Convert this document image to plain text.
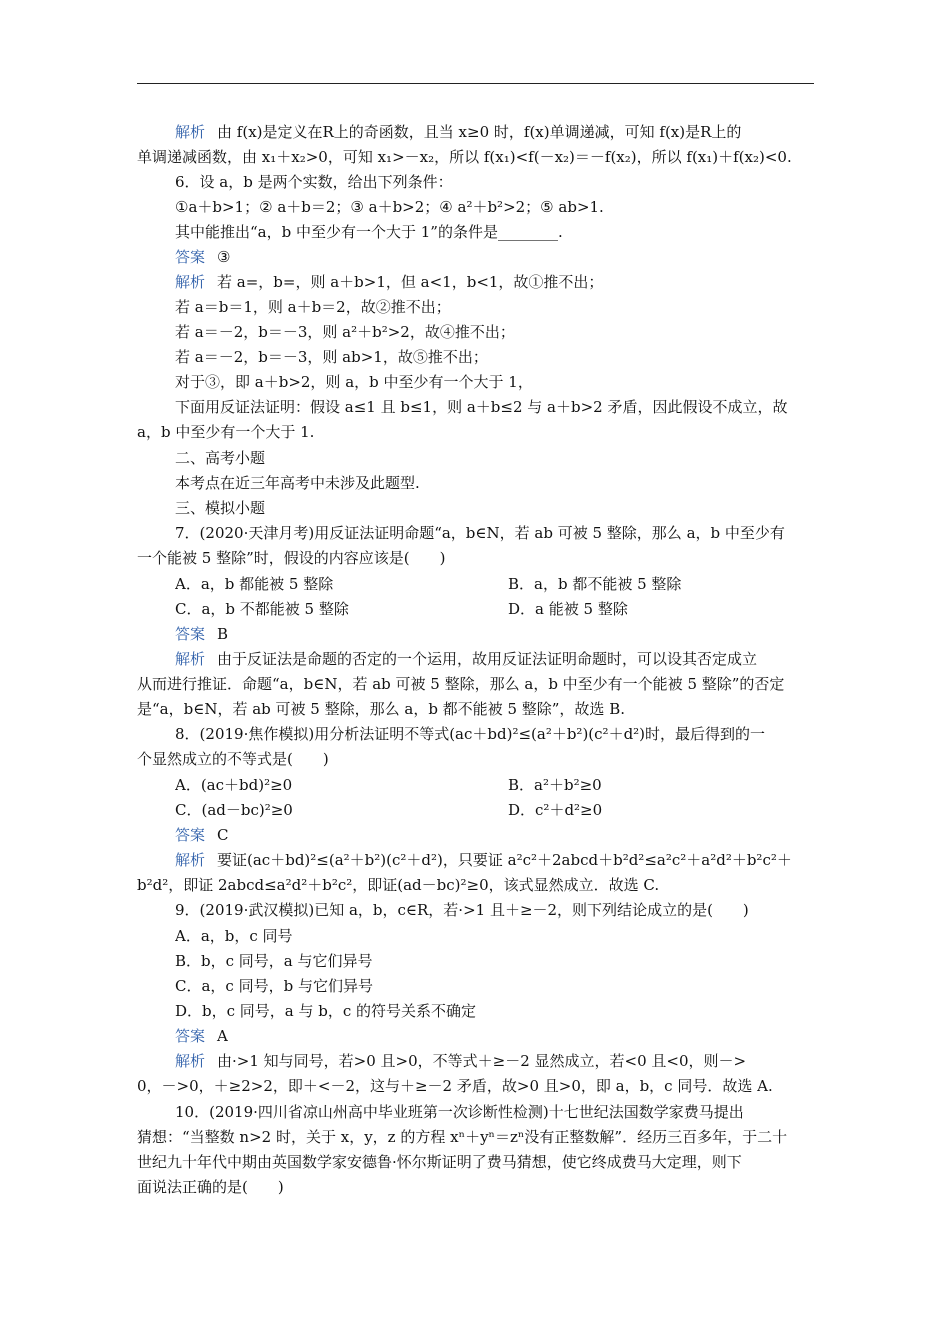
解析 由 f(x)是定义在R上的奇函数，且当 x≥0 时，f(x)单调递减，可知 f(x)是R上的
单调递减函数，由 x₁＋x₂>0，可知 x₁>－x₂，所以 f(x₁)<f(－x₂)＝－f(x₂)，所以 f(x₁)＋f(x₂)<0.
6．设 a，b 是两个实数，给出下列条件：
①a＋b>1；② a＋b＝2；③ a＋b>2；④ a²＋b²>2；⑤ ab>1.
其中能推出“a，b 中至少有一个大于 1”的条件是________.
答案 ③
解析 若 a=，b=，则 a＋b>1，但 a<1，b<1，故①推不出；
若 a＝b＝1，则 a＋b＝2，故②推不出；
若 a＝－2，b＝－3，则 a²＋b²>2，故④推不出；
若 a＝－2，b＝－3，则 ab>1，故⑤推不出；
对于③，即 a＋b>2，则 a，b 中至少有一个大于 1，
下面用反证法证明：假设 a≤1 且 b≤1，则 a＋b≤2 与 a＋b>2 矛盾，因此假设不成立，故
a，b 中至少有一个大于 1.
二、高考小题
本考点在近三年高考中未涉及此题型.
三、模拟小题
7．(2020·天津月考)用反证法证明命题“a，b∈N，若 ab 可被 5 整除，那么 a，b 中至少有
一个能被 5 整除”时，假设的内容应该是(　　)
A．a，b 都能被 5 整除	B．a，b 都不能被 5 整除
C．a，b 不都能被 5 整除	D．a 能被 5 整除
答案 B
解析 由于反证法是命题的否定的一个运用，故用反证法证明命题时，可以设其否定成立
从而进行推证．命题“a，b∈N，若 ab 可被 5 整除，那么 a，b 中至少有一个能被 5 整除”的否定
是“a，b∈N，若 ab 可被 5 整除，那么 a，b 都不能被 5 整除”，故选 B.
8．(2019·焦作模拟)用分析法证明不等式(ac＋bd)²≤(a²＋b²)(c²＋d²)时，最后得到的一
个显然成立的不等式是(　　)
A．(ac＋bd)²≥0	B．a²＋b²≥0
C．(ad－bc)²≥0	D．c²＋d²≥0
答案 C
解析 要证(ac＋bd)²≤(a²＋b²)(c²＋d²)，只要证 a²c²＋2abcd＋b²d²≤a²c²＋a²d²＋b²c²＋
b²d²，即证 2abcd≤a²d²＋b²c²，即证(ad－bc)²≥0，该式显然成立．故选 C.
9．(2019·武汉模拟)已知 a，b，c∈R，若·>1 且＋≥－2，则下列结论成立的是(　　)
A．a，b，c 同号
B．b，c 同号，a 与它们异号
C．a，c 同号，b 与它们异号
D．b，c 同号，a 与 b，c 的符号关系不确定
答案 A
解析 由·>1 知与同号，若>0 且>0，不等式＋≥－2 显然成立，若<0 且<0，则－>
0，－>0，＋≥2>2，即＋<－2，这与＋≥－2 矛盾，故>0 且>0，即 a，b，c 同号．故选 A.
10．(2019·四川省凉山州高中毕业班第一次诊断性检测)十七世纪法国数学家费马提出
猜想：“当整数 n>2 时，关于 x，y，z 的方程 xⁿ＋yⁿ＝zⁿ没有正整数解”．经历三百多年，于二十
世纪九十年代中期由英国数学家安德鲁·怀尔斯证明了费马猜想，使它终成费马大定理，则下
面说法正确的是(　　)
